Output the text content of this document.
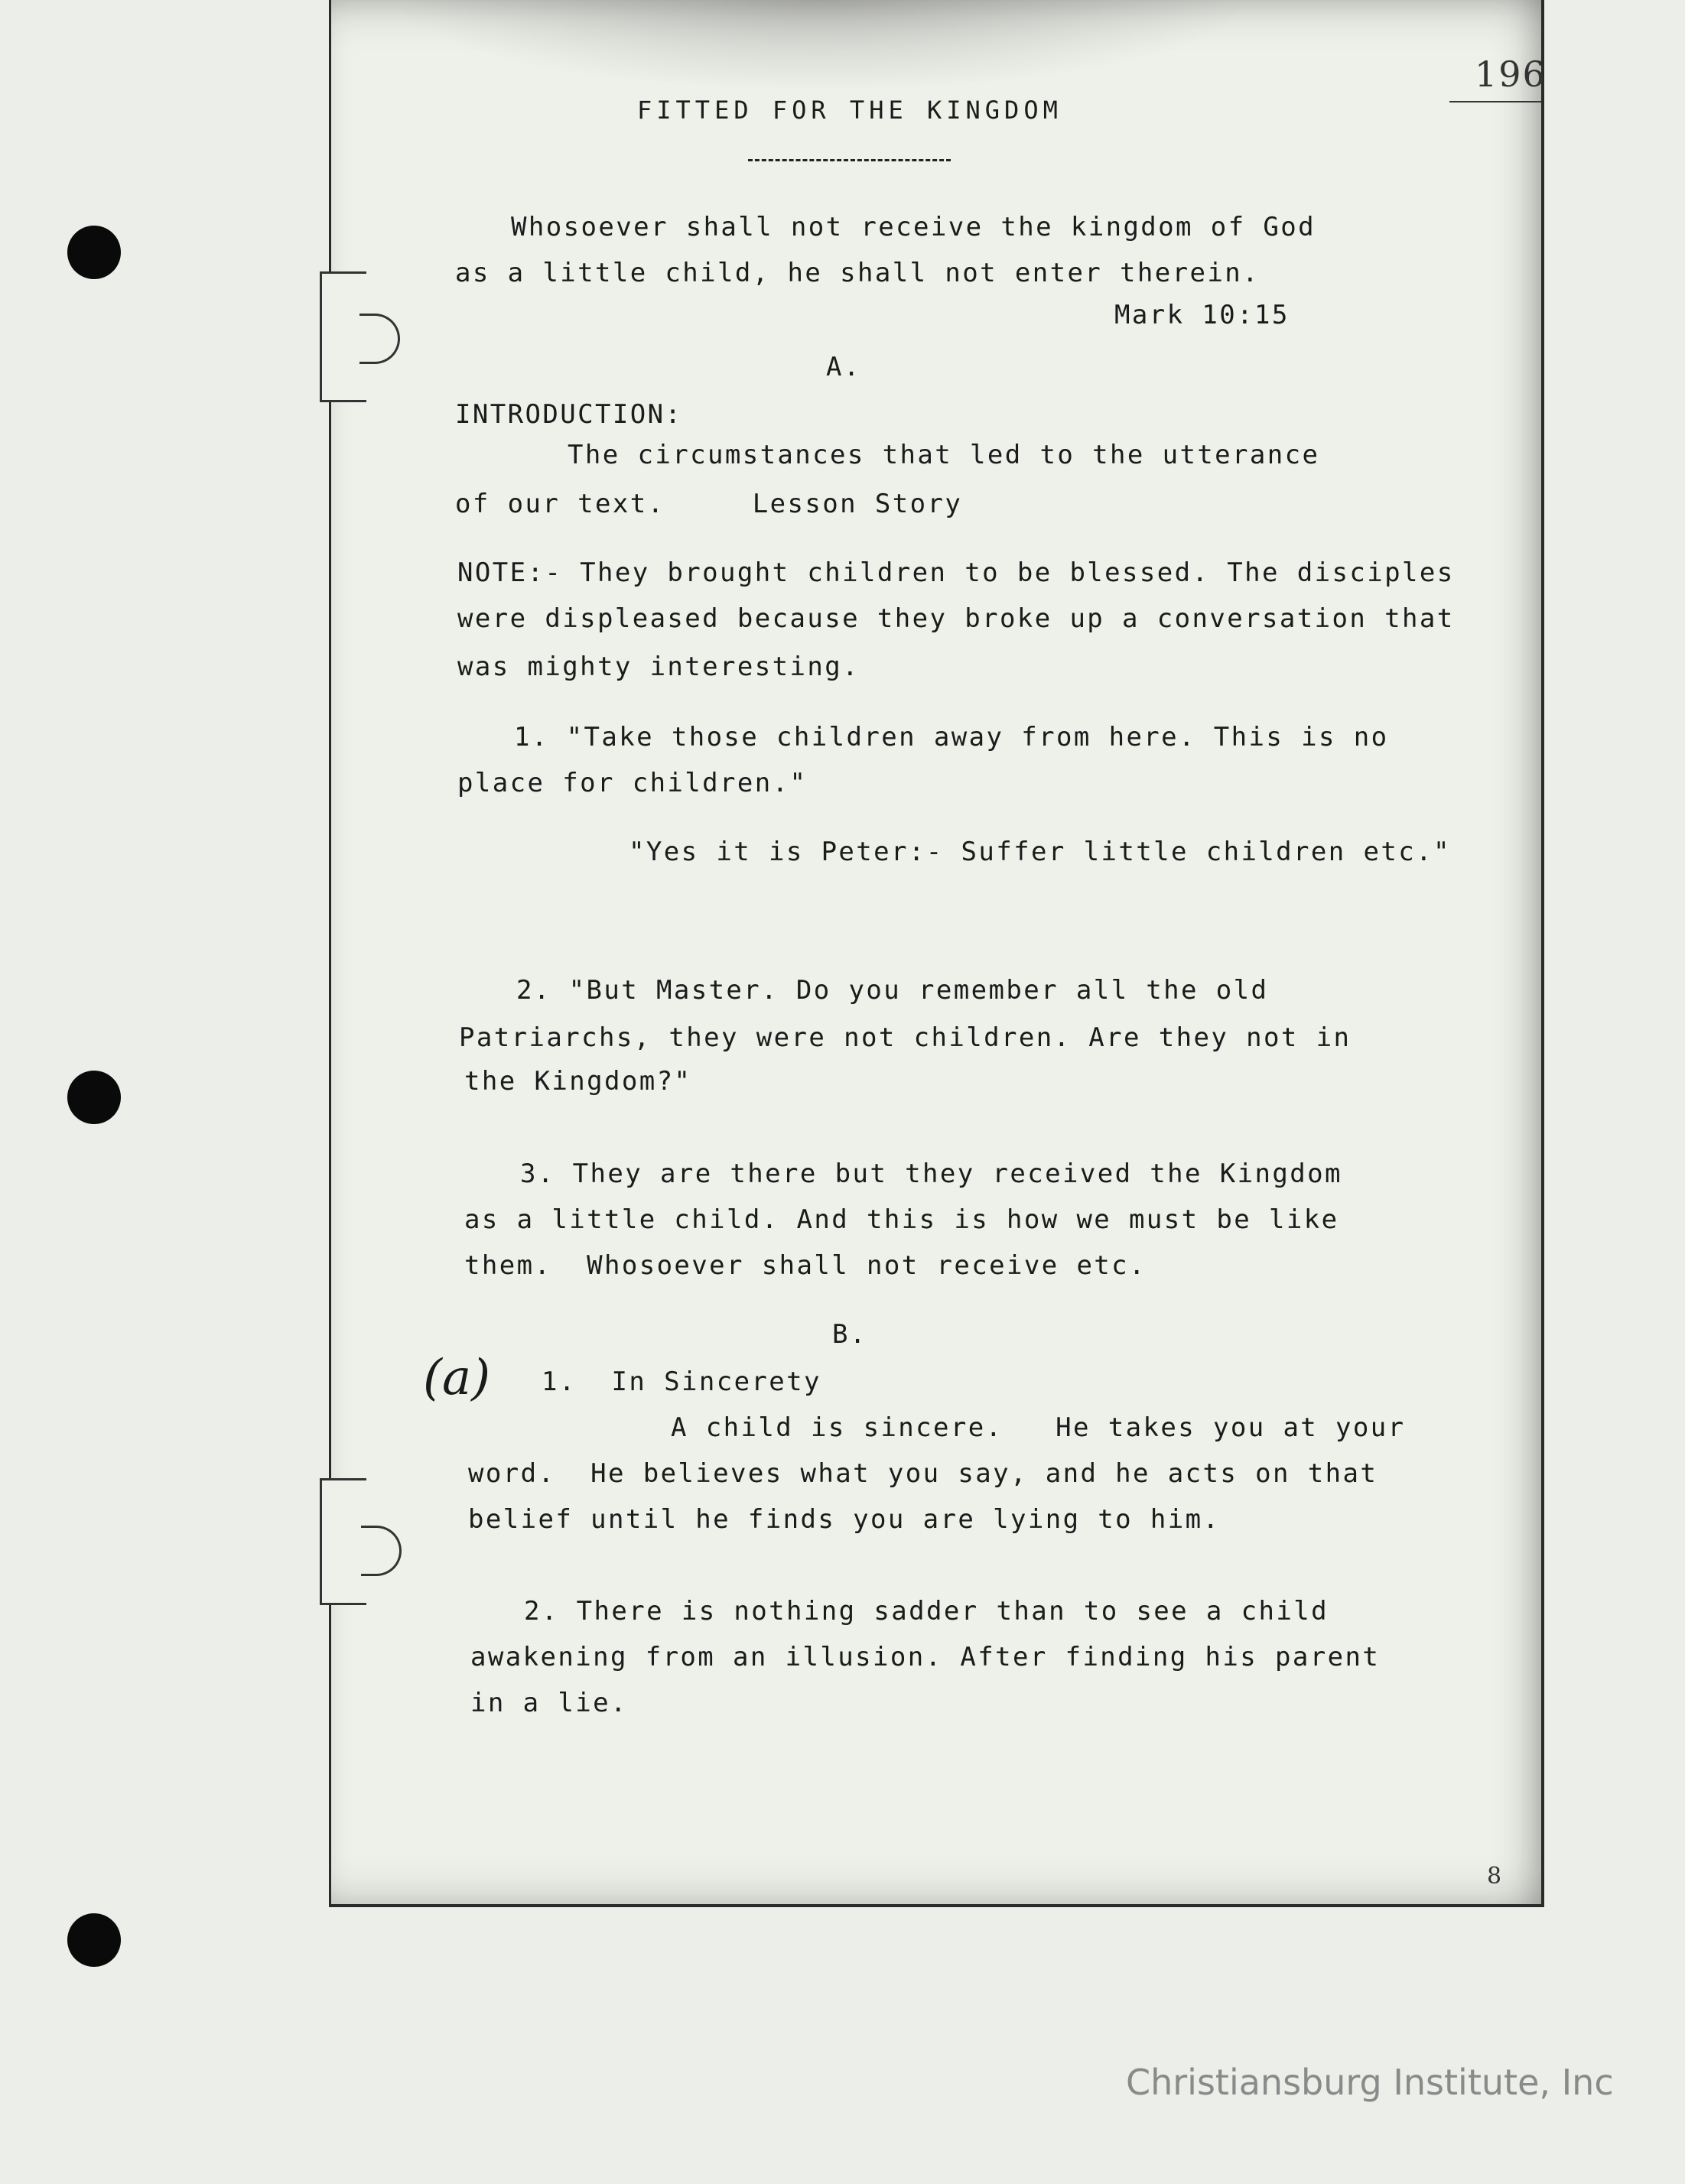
196
FITTED FOR THE KINGDOM
Whosoever shall not receive the kingdom of God
as a little child, he shall not enter therein.
Mark 10:15
A.
INTRODUCTION:
The circumstances that led to the utterance
of our text.     Lesson Story
NOTE:- They brought children to be blessed. The disciples
were displeased because they broke up a conversation that
was mighty interesting.
1. "Take those children away from here. This is no
place for children."
"Yes it is Peter:- Suffer little children etc."
2. "But Master. Do you remember all the old
Patriarchs, they were not children. Are they not in
the Kingdom?"
3. They are there but they received the Kingdom
as a little child. And this is how we must be like
them.  Whosoever shall not receive etc.
B.
(a) 1.  In Sincerety
A child is sincere.   He takes you at your
word.  He believes what you say, and he acts on that
belief until he finds you are lying to him.
2. There is nothing sadder than to see a child
awakening from an illusion. After finding his parent
in a lie.
8
Christiansburg Institute, Inc
